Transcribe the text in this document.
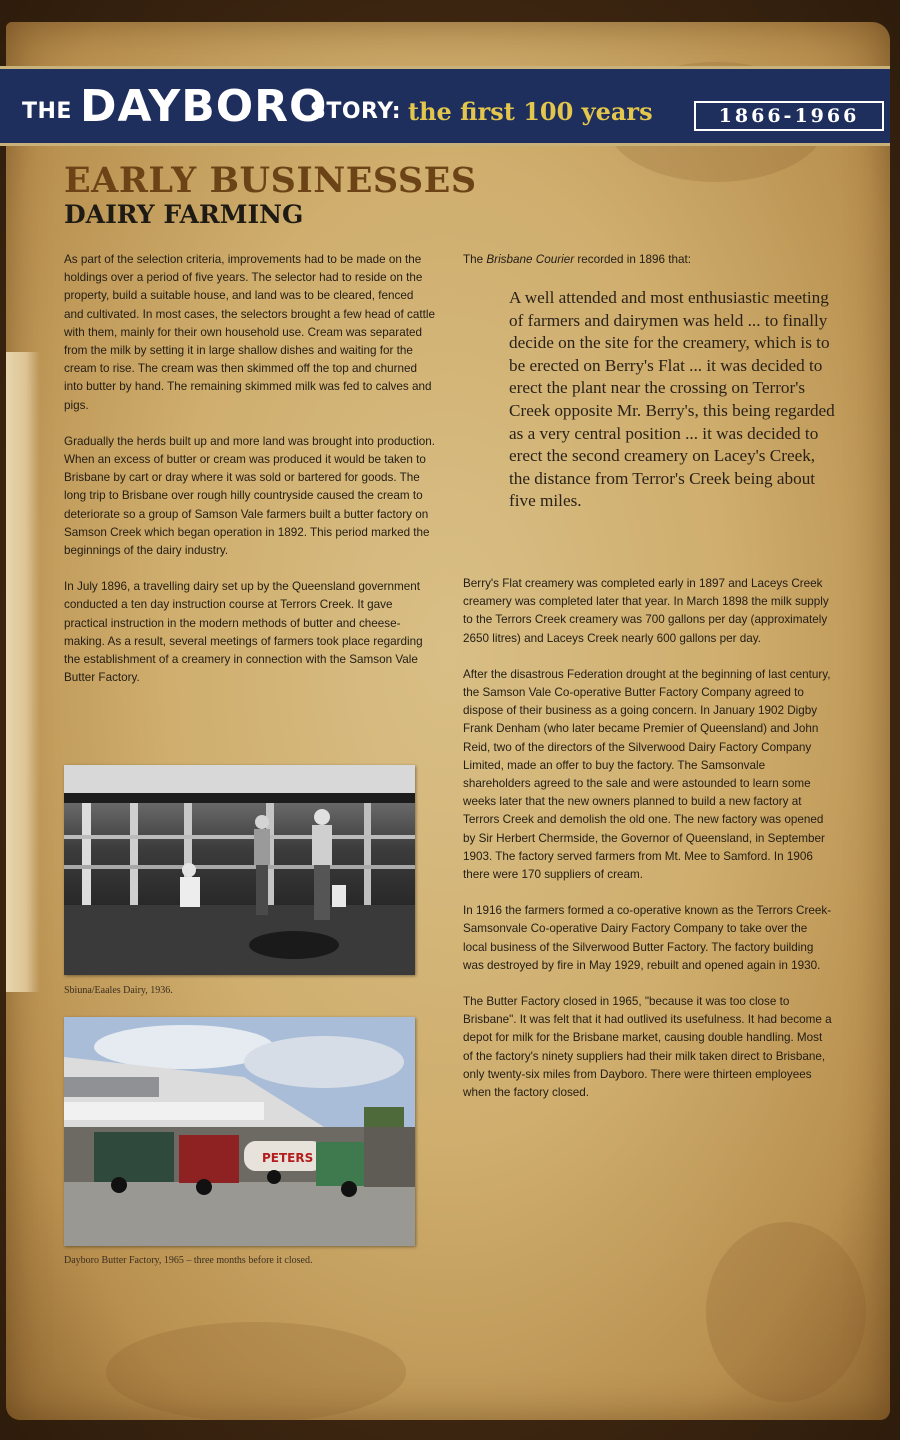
THE DAYBORO
STORY: the first 100 years	1866-1966
EARLY BUSINESSES
DAIRY FARMING

As part of the selection criteria, improvements had to be made on the holdings over a period of five years. The selector had to reside on the property, build a suitable house, and land was to be cleared, fenced and cultivated. In most cases, the selectors brought a few head of cattle with them, mainly for their own household use. Cream was separated from the milk by setting it in large shallow dishes and waiting for the cream to rise. The cream was then skimmed off the top and churned into butter by hand. The remaining skimmed milk was fed to calves and pigs.

Gradually the herds built up and more land was brought into production. When an excess of butter or cream was produced it would be taken to Brisbane by cart or dray where it was sold or bartered for goods. The long trip to Brisbane over rough hilly countryside caused the cream to deteriorate so a group of Samson Vale farmers built a butter factory on Samson Creek which began operation in 1892. This period marked the beginnings of the dairy industry.

In July 1896, a travelling dairy set up by the Queensland government conducted a ten day instruction course at Terrors Creek. It gave practical instruction in the modern methods of butter and cheese-making. As a result, several meetings of farmers took place regarding the establishment of a creamery in connection with the Samson Vale Butter Factory.

The Brisbane Courier recorded in 1896 that:
A well attended and most enthusiastic meeting of farmers and dairymen was held ... to finally decide on the site for the creamery, which is to be erected on Berry's Flat ... it was decided to erect the plant near the crossing on Terror's Creek opposite Mr. Berry's, this being regarded as a very central position ... it was decided to erect the second creamery on Lacey's Creek, the distance from Terror's Creek being about five miles.

Berry's Flat creamery was completed early in 1897 and Laceys Creek creamery was completed later that year. In March 1898 the milk supply to the Terrors Creek creamery was 700 gallons per day (approximately 2650 litres) and Laceys Creek nearly 600 gallons per day.

After the disastrous Federation drought at the beginning of last century, the Samson Vale Co-operative Butter Factory Company agreed to dispose of their business as a going concern. In January 1902 Digby Frank Denham (who later became Premier of Queensland) and John Reid, two of the directors of the Silverwood Dairy Factory Company Limited, made an offer to buy the factory. The Samsonvale shareholders agreed to the sale and were astounded to learn some weeks later that the new owners planned to build a new factory at Terrors Creek and demolish the old one. The new factory was opened by Sir Herbert Chermside, the Governor of Queensland, in September 1903. The factory served farmers from Mt. Mee to Samford. In 1906 there were 170 suppliers of cream.

In 1916 the farmers formed a co-operative known as the Terrors Creek-Samsonvale Co-operative Dairy Factory Company to take over the local business of the Silverwood Butter Factory. The factory building was destroyed by fire in May 1929, rebuilt and opened again in 1930.

The Butter Factory closed in 1965, "because it was too close to Brisbane". It was felt that it had outlived its usefulness. It had become a depot for milk for the Brisbane market, causing double handling. Most of the factory's ninety suppliers had their milk taken direct to Brisbane, only twenty-six miles from Dayboro. There were thirteen employees when the factory closed.

Sbiuna/Eaales Dairy, 1936.
PETERS
Dayboro Butter Factory, 1965 – three months before it closed.
